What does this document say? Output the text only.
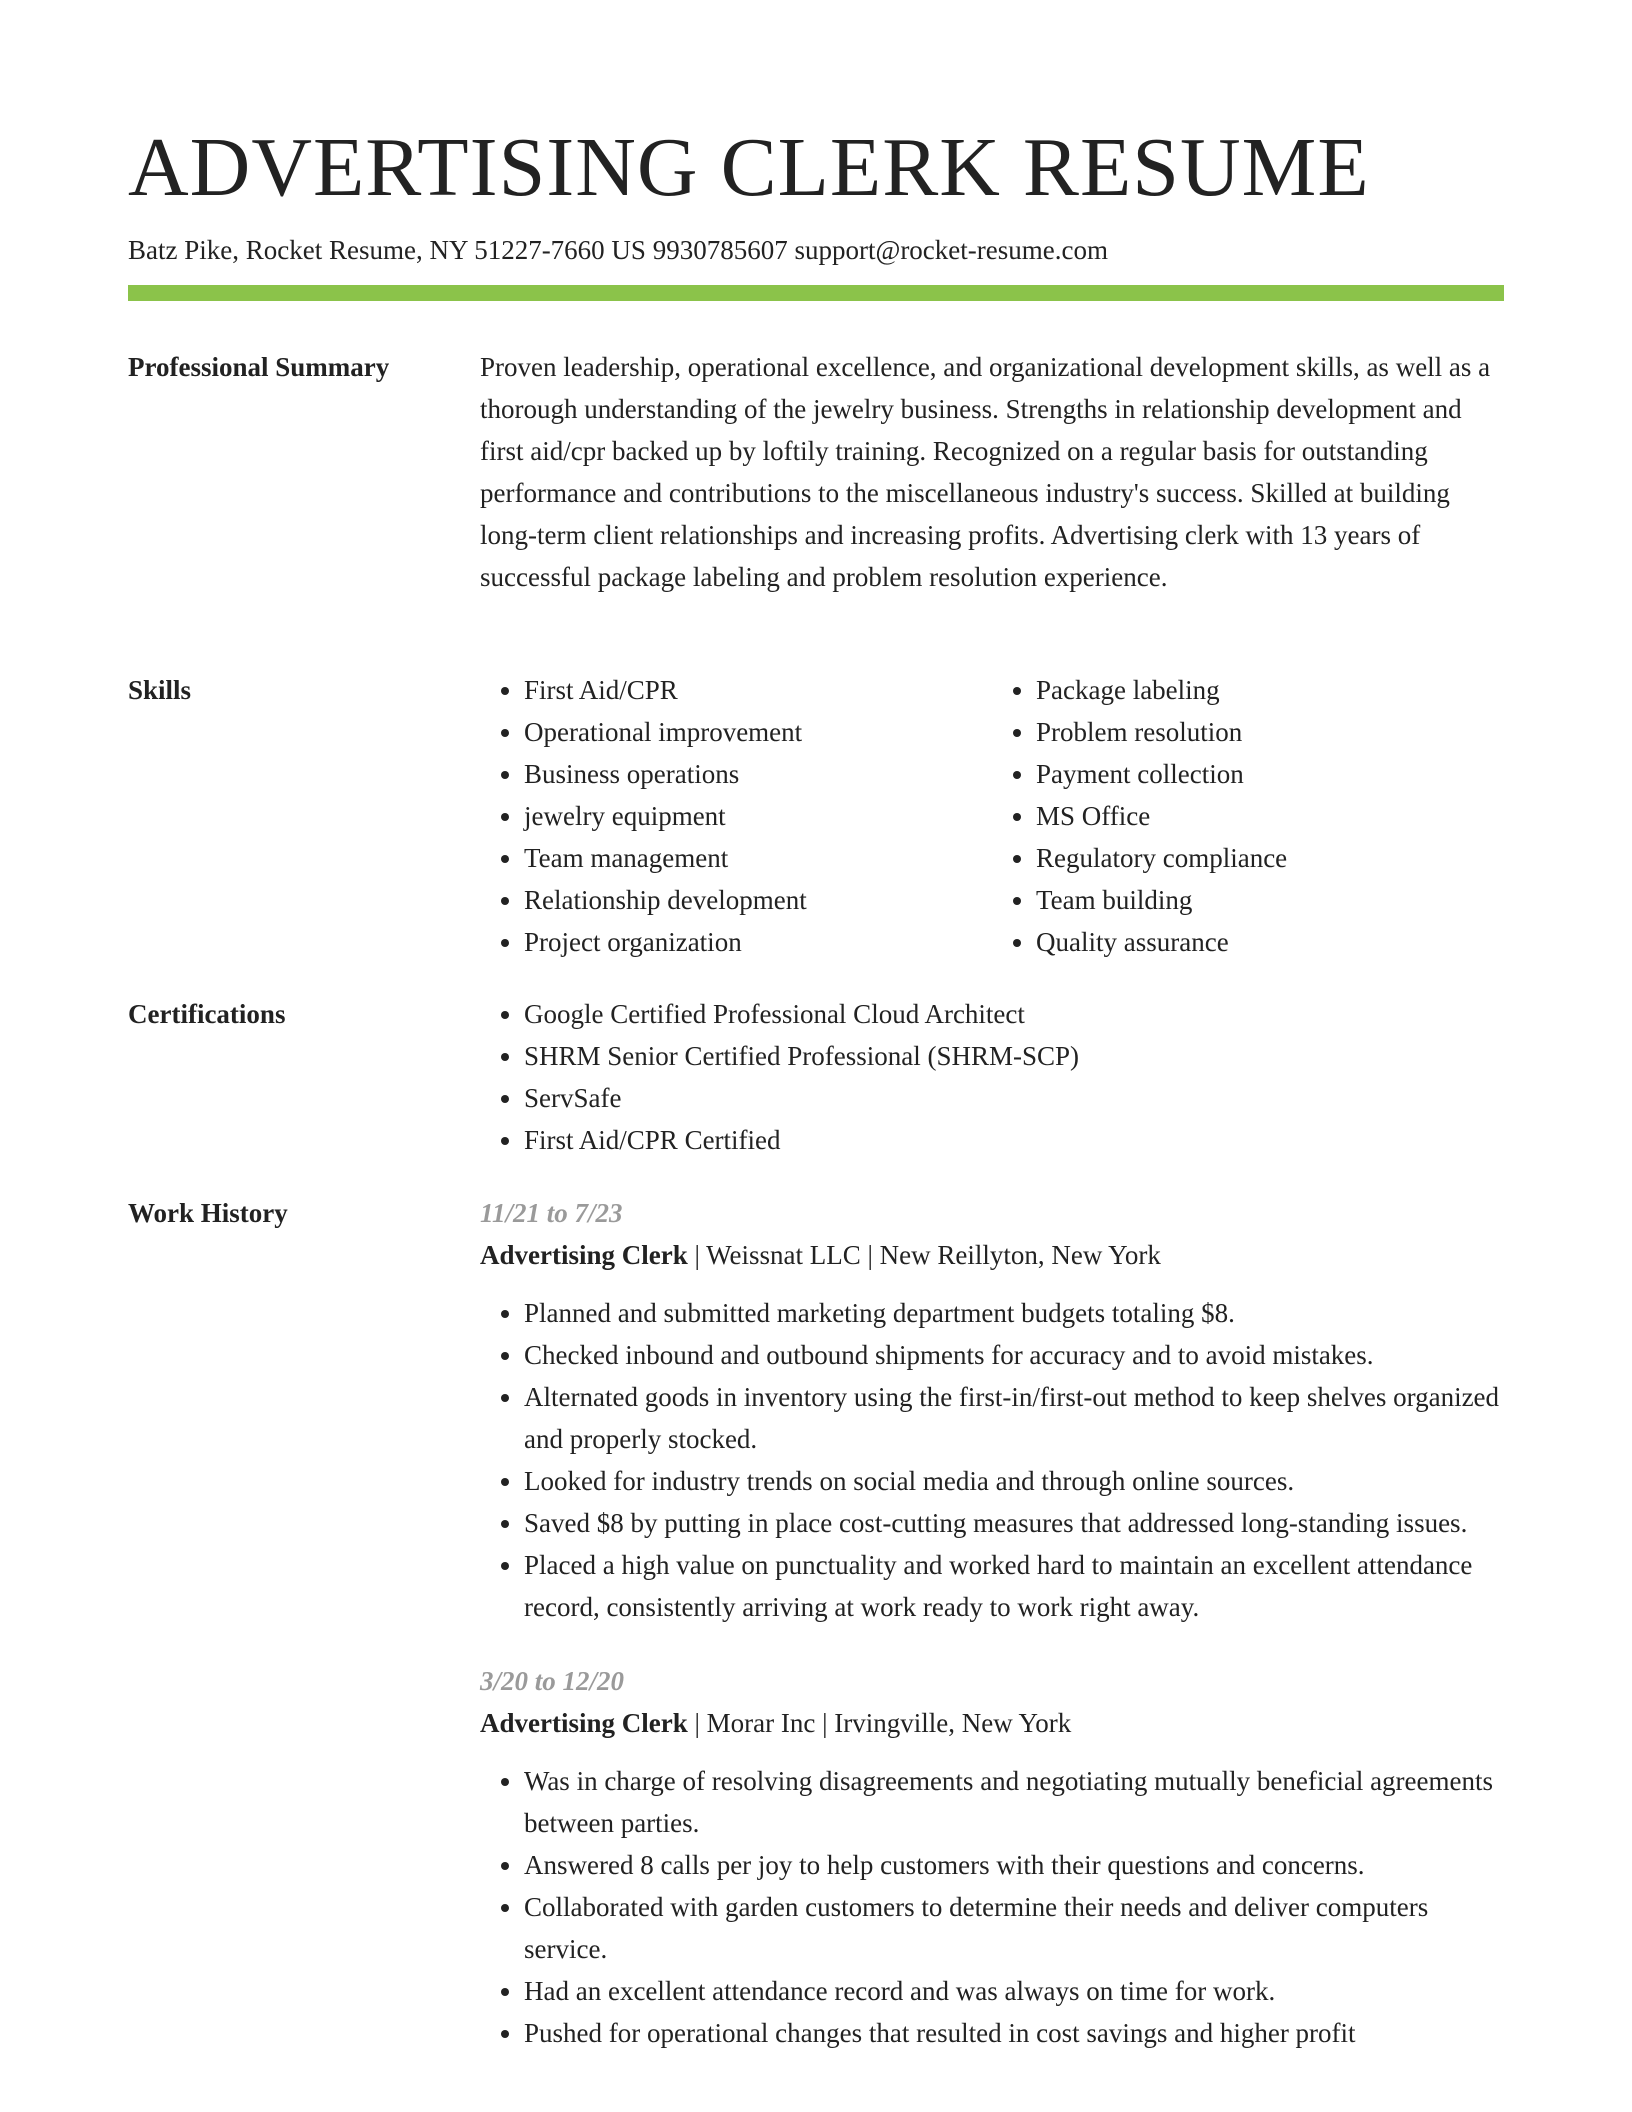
ADVERTISING CLERK RESUME
Batz Pike, Rocket Resume, NY 51227-7660 US 9930785607 support@rocket-resume.com
Professional Summary	Proven leadership, operational excellence, and organizational development skills, as well as a thorough understanding of the jewelry business. Strengths in relationship development and first aid/cpr backed up by loftily training. Recognized on a regular basis for outstanding performance and contributions to the miscellaneous industry's success. Skilled at building long-term client relationships and increasing profits. Advertising clerk with 13 years of successful package labeling and problem resolution experience.

Skills	• First Aid/CPR
• Operational improvement
• Business operations
• jewelry equipment
• Team management
• Relationship development
• Project organization
• Package labeling
• Problem resolution
• Payment collection
• MS Office
• Regulatory compliance
• Team building
• Quality assurance
Certifications	• Google Certified Professional Cloud Architect
• SHRM Senior Certified Professional (SHRM-SCP)
• ServSafe
• First Aid/CPR Certified
Work History	11/21 to 7/23
Advertising Clerk | Weissnat LLC | New Reillyton, New York
• Planned and submitted marketing department budgets totaling $8.
• Checked inbound and outbound shipments for accuracy and to avoid mistakes.
• Alternated goods in inventory using the first-in/first-out method to keep shelves organized and properly stocked.
• Looked for industry trends on social media and through online sources.
• Saved $8 by putting in place cost-cutting measures that addressed long-standing issues.
• Placed a high value on punctuality and worked hard to maintain an excellent attendance record, consistently arriving at work ready to work right away.
3/20 to 12/20
Advertising Clerk | Morar Inc | Irvingville, New York
• Was in charge of resolving disagreements and negotiating mutually beneficial agreements between parties.
• Answered 8 calls per joy to help customers with their questions and concerns.
• Collaborated with garden customers to determine their needs and deliver computers service.
• Had an excellent attendance record and was always on time for work.
• Pushed for operational changes that resulted in cost savings and higher profit
